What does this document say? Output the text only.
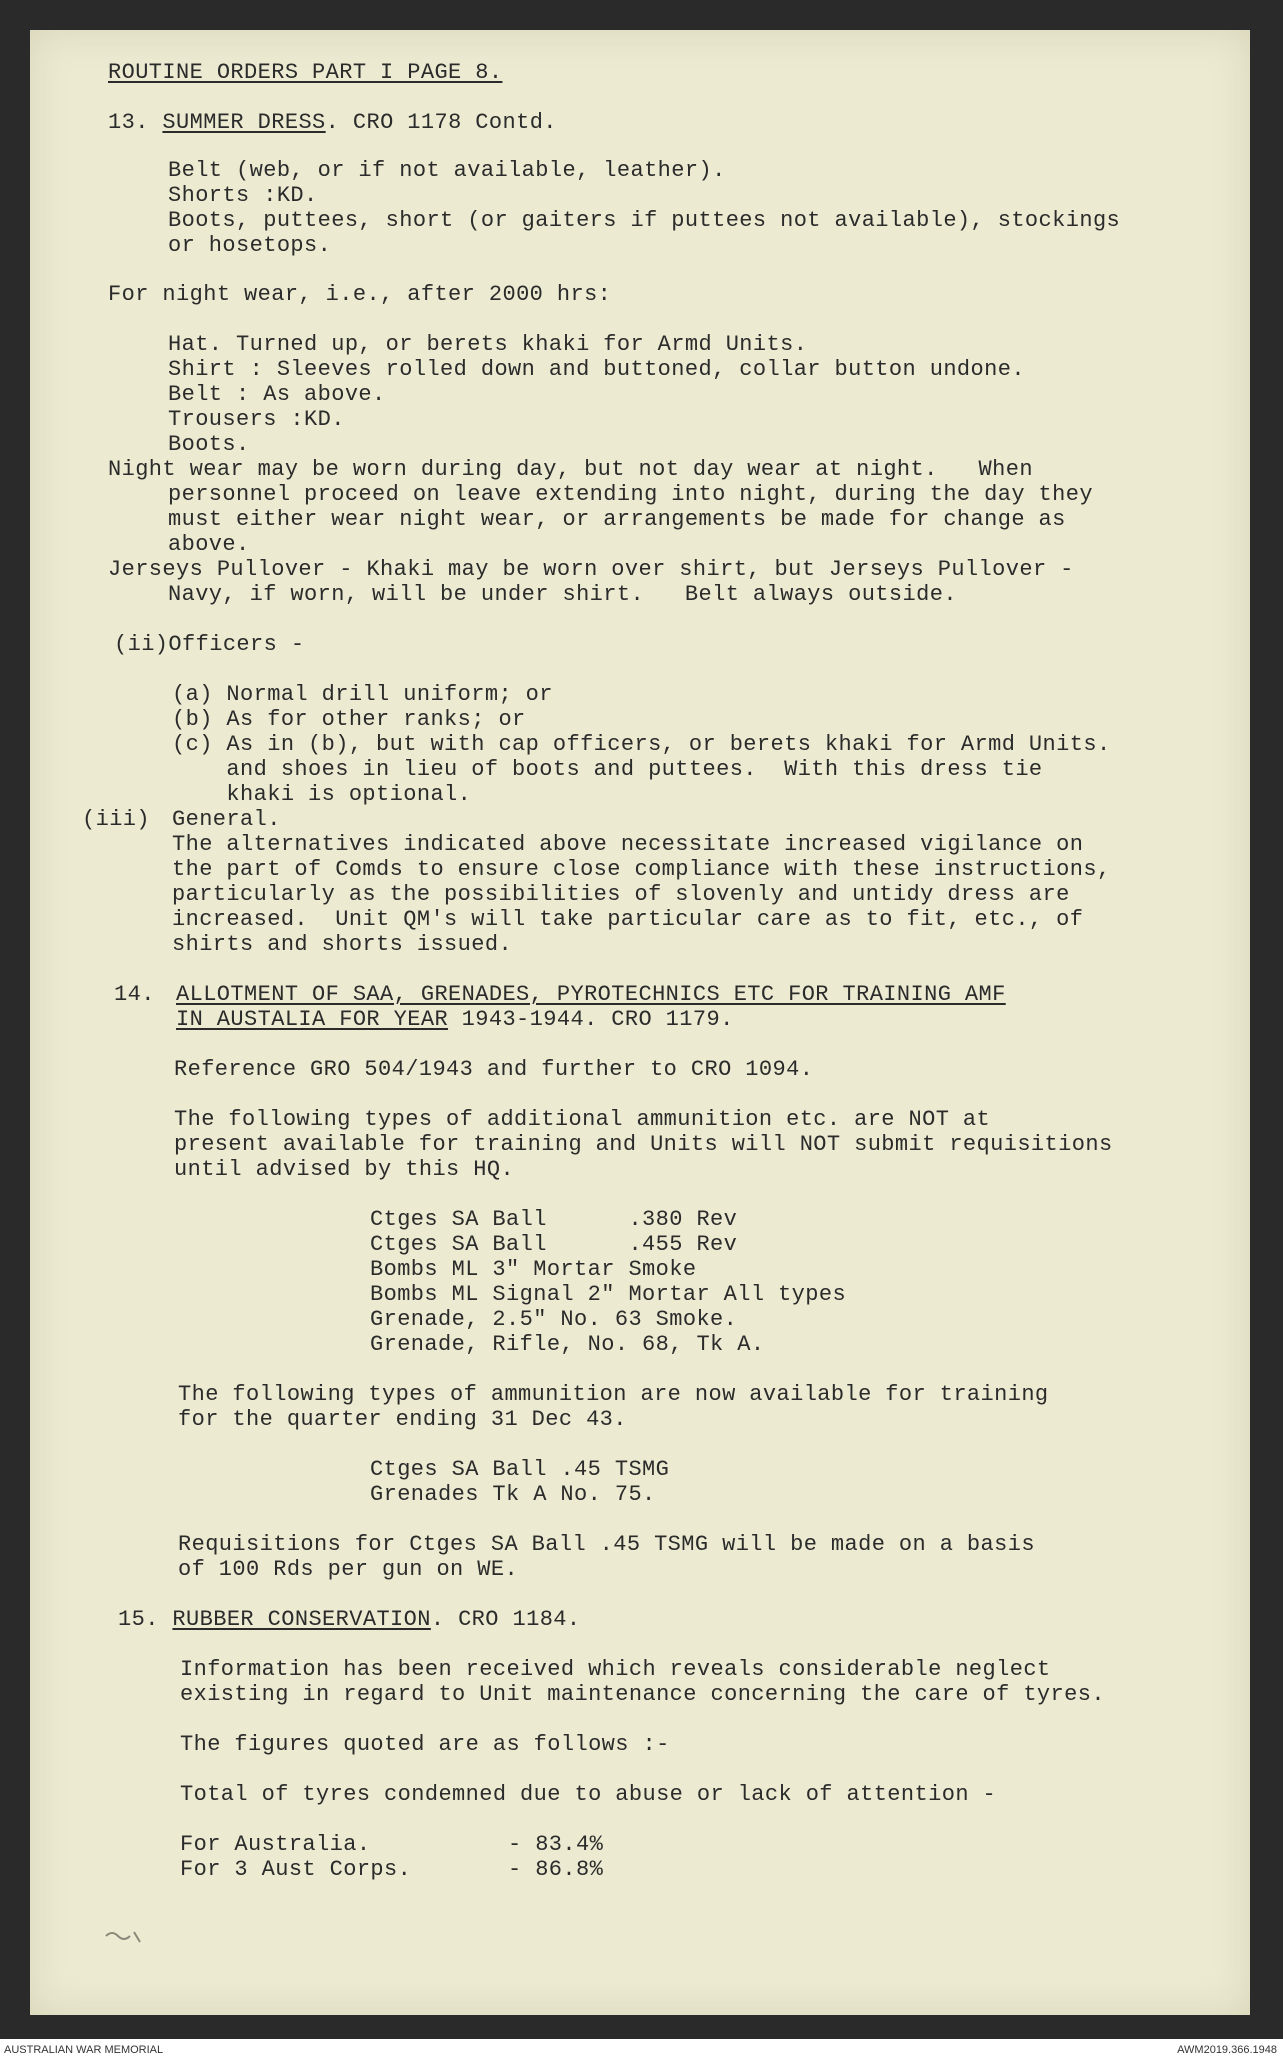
ROUTINE ORDERS PART I PAGE 8.
13. SUMMER DRESS. CRO 1178 Contd.
Belt (web, or if not available, leather).
Shorts :KD.
Boots, puttees, short (or gaiters if puttees not available), stockings
or hosetops.
For night wear, i.e., after 2000 hrs:
Hat. Turned up, or berets khaki for Armd Units.
Shirt : Sleeves rolled down and buttoned, collar button undone.
Belt : As above.
Trousers :KD.
Boots.
Night wear may be worn during day, but not day wear at night.   When
personnel proceed on leave extending into night, during the day they
must either wear night wear, or arrangements be made for change as
above.
Jerseys Pullover - Khaki may be worn over shirt, but Jerseys Pullover -
Navy, if worn, will be under shirt.   Belt always outside.
(ii)Officers -
(a) Normal drill uniform; or
(b) As for other ranks; or
(c) As in (b), but with cap officers, or berets khaki for Armd Units.
and shoes in lieu of boots and puttees.  With this dress tie
khaki is optional.
(iii) General.
The alternatives indicated above necessitate increased vigilance on
the part of Comds to ensure close compliance with these instructions,
particularly as the possibilities of slovenly and untidy dress are
increased.  Unit QM's will take particular care as to fit, etc., of
shirts and shorts issued.
14. ALLOTMENT OF SAA, GRENADES, PYROTECHNICS ETC FOR TRAINING AMF
IN AUSTALIA FOR YEAR 1943-1944. CRO 1179.
Reference GRO 504/1943 and further to CRO 1094.
The following types of additional ammunition etc. are NOT at
present available for training and Units will NOT submit requisitions
until advised by this HQ.
Ctges SA Ball      .380 Rev
Ctges SA Ball      .455 Rev
Bombs ML 3" Mortar Smoke
Bombs ML Signal 2" Mortar All types
Grenade, 2.5" No. 63 Smoke.
Grenade, Rifle, No. 68, Tk A.
The following types of ammunition are now available for training
for the quarter ending 31 Dec 43.
Ctges SA Ball .45 TSMG
Grenades Tk A No. 75.
Requisitions for Ctges SA Ball .45 TSMG will be made on a basis
of 100 Rds per gun on WE.
15. RUBBER CONSERVATION. CRO 1184.
Information has been received which reveals considerable neglect
existing in regard to Unit maintenance concerning the care of tyres.
The figures quoted are as follows :-
Total of tyres condemned due to abuse or lack of attention -
For Australia.	- 83.4%
For 3 Aust Corps.	- 86.8%
AUSTRALIAN WAR MEMORIAL	AWM2019.366.1948
